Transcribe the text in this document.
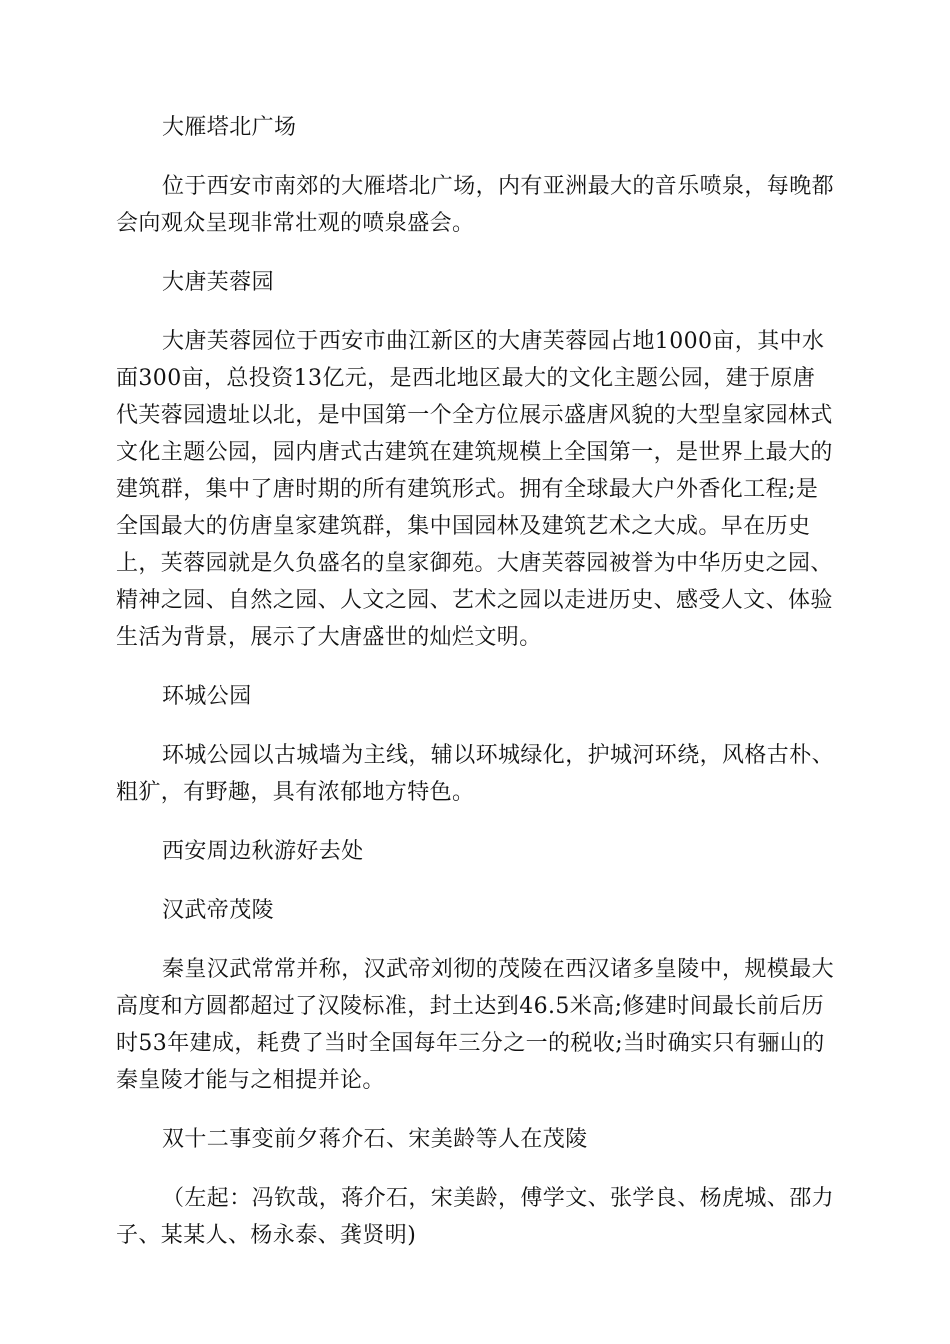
大雁塔北广场

位于西安市南郊的大雁塔北广场，内有亚洲最大的音乐喷泉，每晚都会向观众呈现非常壮观的喷泉盛会。

大唐芙蓉园

大唐芙蓉园位于西安市曲江新区的大唐芙蓉园占地1000亩，其中水面300亩，总投资13亿元，是西北地区最大的文化主题公园，建于原唐代芙蓉园遗址以北，是中国第一个全方位展示盛唐风貌的大型皇家园林式文化主题公园，园内唐式古建筑在建筑规模上全国第一，是世界上最大的建筑群，集中了唐时期的所有建筑形式。拥有全球最大户外香化工程;是全国最大的仿唐皇家建筑群，集中国园林及建筑艺术之大成。早在历史上，芙蓉园就是久负盛名的皇家御苑。大唐芙蓉园被誉为中华历史之园、精神之园、自然之园、人文之园、艺术之园以走进历史、感受人文、体验生活为背景，展示了大唐盛世的灿烂文明。

环城公园

环城公园以古城墙为主线，辅以环城绿化，护城河环绕，风格古朴、粗犷，有野趣，具有浓郁地方特色。

西安周边秋游好去处

汉武帝茂陵

秦皇汉武常常并称，汉武帝刘彻的茂陵在西汉诸多皇陵中，规模最大高度和方圆都超过了汉陵标准，封土达到46.5米高;修建时间最长前后历时53年建成，耗费了当时全国每年三分之一的税收;当时确实只有骊山的秦皇陵才能与之相提并论。

双十二事变前夕蒋介石、宋美龄等人在茂陵

（左起：冯钦哉，蒋介石，宋美龄，傅学文、张学良、杨虎城、邵力子、某某人、杨永泰、龚贤明)
